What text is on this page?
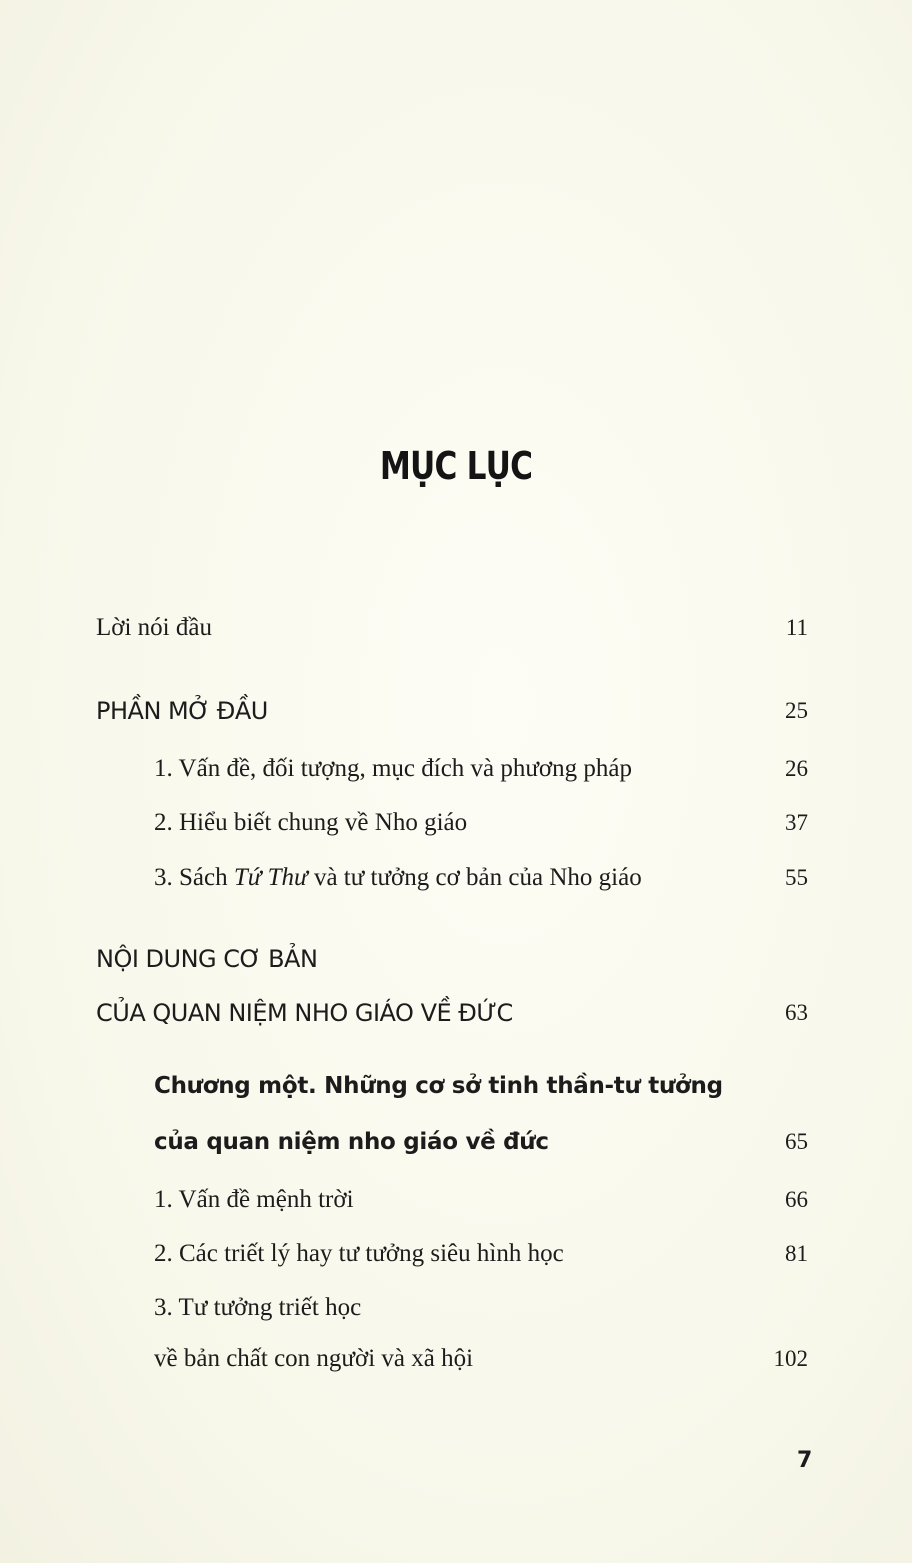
MỤC LỤC
Lời nói đầu	11
PHẦN MỞ ĐẦU	25
1. Vấn đề, đối tượng, mục đích và phương pháp	26
2. Hiểu biết chung về Nho giáo	37
3. Sách Tứ Thư và tư tưởng cơ bản của Nho giáo	55
NỘI DUNG CƠ BẢN
CỦA QUAN NIỆM NHO GIÁO VỀ ĐỨC	63
Chương một. Những cơ sở tinh thần-tư tưởng
của quan niệm nho giáo về đức	65
1. Vấn đề mệnh trời	66
2. Các triết lý hay tư tưởng siêu hình học	81
3. Tư tưởng triết học
về bản chất con người và xã hội	102
7
